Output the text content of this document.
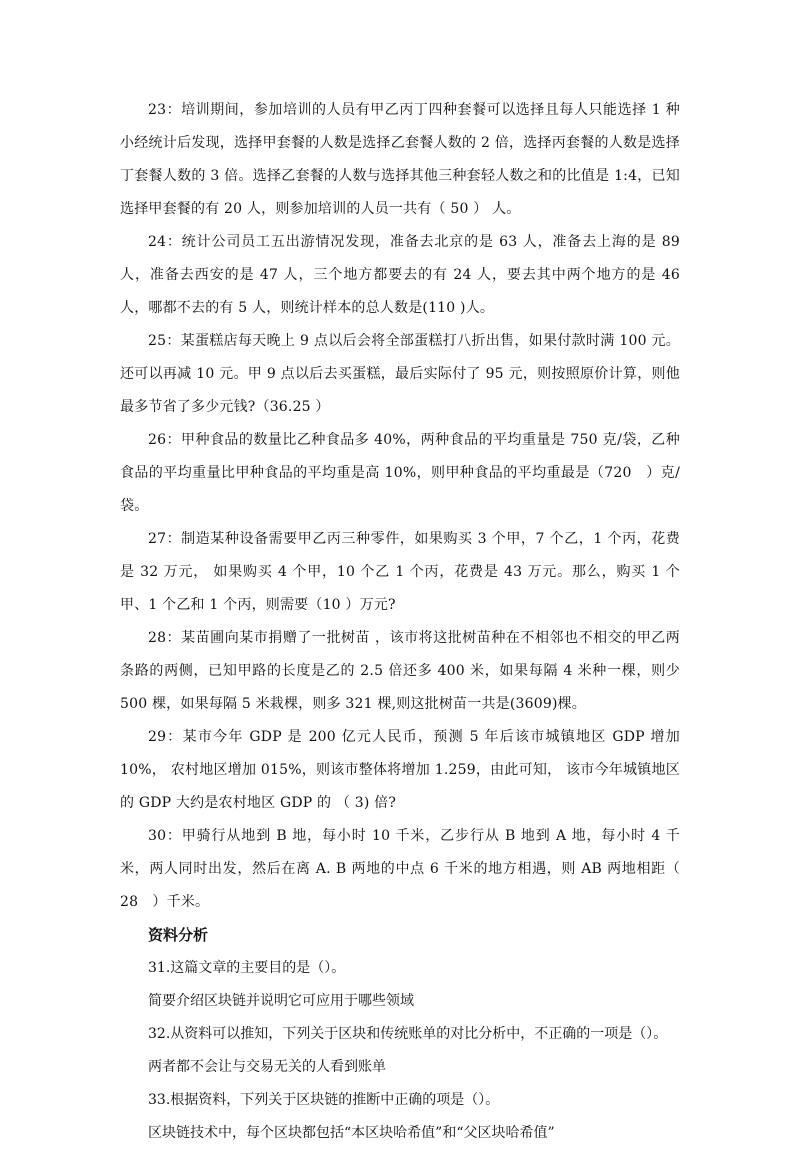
23：培训期间，参加培训的人员有甲乙丙丁四种套餐可以选择且每人只能选择 1 种小经统计后发现，选择甲套餐的人数是选择乙套餐人数的 2 倍，选择丙套餐的人数是选择丁套餐人数的 3 倍。选择乙套餐的人数与选择其他三种套轻人数之和的比值是 1:4，已知选择甲套餐的有 20 人，则参加培训的人员一共有（ 50 ） 人。

24：统计公司员工五出游情况发现，准备去北京的是 63 人，准备去上海的是 89 人，准备去西安的是 47 人，三个地方都要去的有 24 人，要去其中两个地方的是 46 人，哪都不去的有 5 人，则统计样本的总人数是(110 )人。

25：某蛋糕店每天晚上 9 点以后会将全部蛋糕打八折出售，如果付款时满 100 元。还可以再减 10 元。甲 9 点以后去买蛋糕，最后实际付了 95 元，则按照原价计算，则他最多节省了多少元钱?（36.25 ）

26：甲种食品的数量比乙种食品多 40%，两种食品的平均重量是 750 克/袋，乙种食品的平均重量比甲种食品的平均重是高 10%，则甲种食品的平均重最是（720　）克/袋。

27：制造某种设备需要甲乙丙三种零件，如果购买 3 个甲，7 个乙，1 个丙，花费是 32 万元， 如果购买 4 个甲，10 个乙 1 个丙，花费是 43 万元。那么，购买 1 个甲、1 个乙和 1 个丙，则需要（10 ）万元?

28：某苗圃向某市捐赠了一批树苗 ，该市将这批树苗种在不相邻也不相交的甲乙两条路的两侧，已知甲路的长度是乙的 2.5 倍还多 400 米，如果每隔 4 米种一棵，则少 500 棵，如果每隔 5 米栽棵，则多 321 棵,则这批树苗一共是(3609)棵。

29：某市今年 GDP 是 200 亿元人民币，预测 5 年后该市城镇地区 GDP 增加 10%， 农村地区增加 015%，则该市整体将增加 1.259，由此可知， 该市今年城镇地区的 GDP 大约是农村地区 GDP 的 （ 3) 倍?

30：甲骑行从地到 B 地，每小时 10 千米，乙步行从 B 地到 A 地，每小时 4 千米，两人同时出发，然后在离 A. B 两地的中点 6 千米的地方相遇，则 AB 两地相距（　28　）千米。

资料分析

31.这篇文章的主要目的是（）。

简要介绍区块链并说明它可应用于哪些领域

32.从资料可以推知，下列关于区块和传统账单的对比分析中，不正确的一项是（）。

两者都不会让与交易无关的人看到账单

33.根据资料，下列关于区块链的推断中正确的项是（）。

区块链技术中，每个区块都包括“本区块哈希值”和“父区块哈希值”
